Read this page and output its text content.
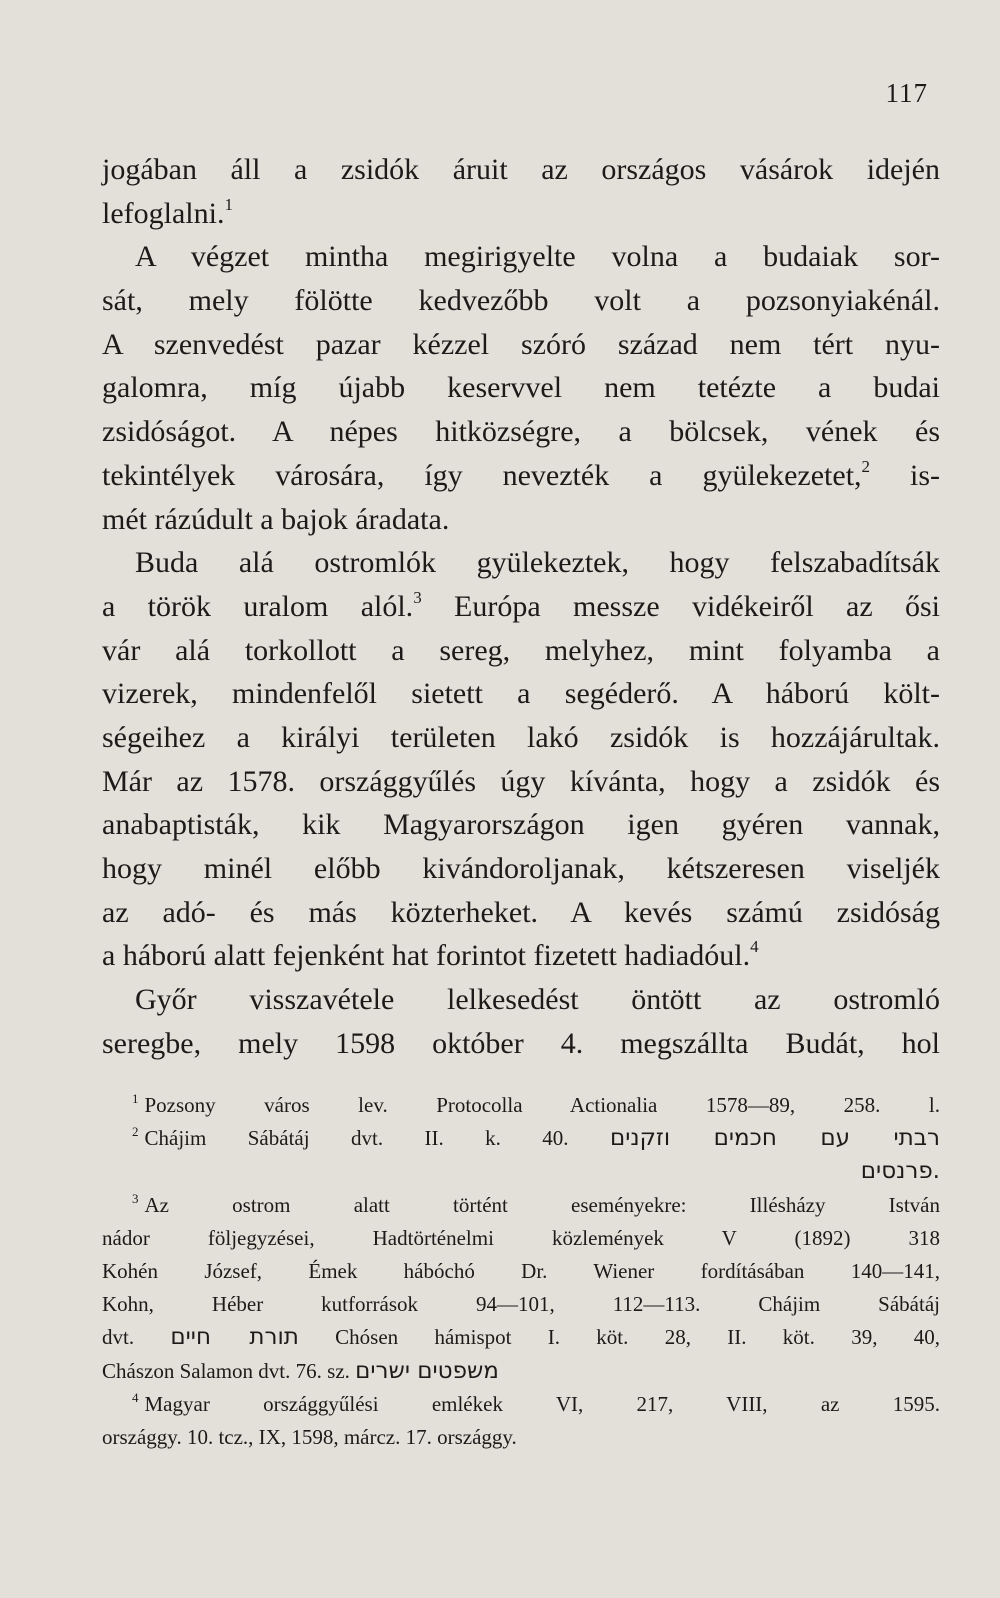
117
jogában áll a zsidók áruit az országos vásárok idején
lefoglalni.$^1$
A végzet mintha megirigyelte volna a budaiak sor-
sát, mely fölötte kedvezőbb volt a pozsonyiakénál.
A szenvedést pazar kézzel szóró század nem tért nyu-
galomra, míg újabb keservvel nem tetézte a budai
zsidóságot. A népes hitközségre, a bölcsek, vének és
tekintélyek városára, így nevezték a gyülekezetet,$^2$ is-
mét rázúdult a bajok áradata.
Buda alá ostromlók gyülekeztek, hogy felszabadítsák
a török uralom alól.$^3$ Európa messze vidékeiről az ősi
vár alá torkollott a sereg, melyhez, mint folyamba a
vizerek, mindenfelől sietett a segéderő. A háború költ-
ségeihez a királyi területen lakó zsidók is hozzájárultak.
Már az 1578. országgyűlés úgy kívánta, hogy a zsidók és
anabaptisták, kik Magyarországon igen gyéren vannak,
hogy minél előbb kivándoroljanak, kétszeresen viseljék
az adó- és más közterheket. A kevés számú zsidóság
a háború alatt fejenként hat forintot fizetett hadiadóul.$^4$
Győr visszavétele lelkesedést öntött az ostromló
seregbe, mely 1598 október 4. megszállta Budát, hol
$^1$ Pozsony város lev. Protocolla Actionalia 1578—89, 258. l.
$^2$ Chájim Sábátáj dvt. II. k. 40. רבתי עם חכמים וזקנים
.פרנסים
$^3$ Az ostrom alatt történt eseményekre: Illésházy István
nádor följegyzései, Hadtörténelmi közlemények V (1892) 318
Kohén József, Émek hábóchó Dr. Wiener fordításában 140—141,
Kohn, Héber kutforrások 94—101, 112—113. Chájim Sábátáj
dvt. תורת חיים Chósen hámispot I. köt. 28, II. köt. 39, 40,
Chászon Salamon dvt. 76. sz. משפטים ישרים
$^4$ Magyar országgyűlési emlékek VI, 217, VIII, az 1595.
országgy. 10. tcz., IX, 1598, márcz. 17. országgy.
